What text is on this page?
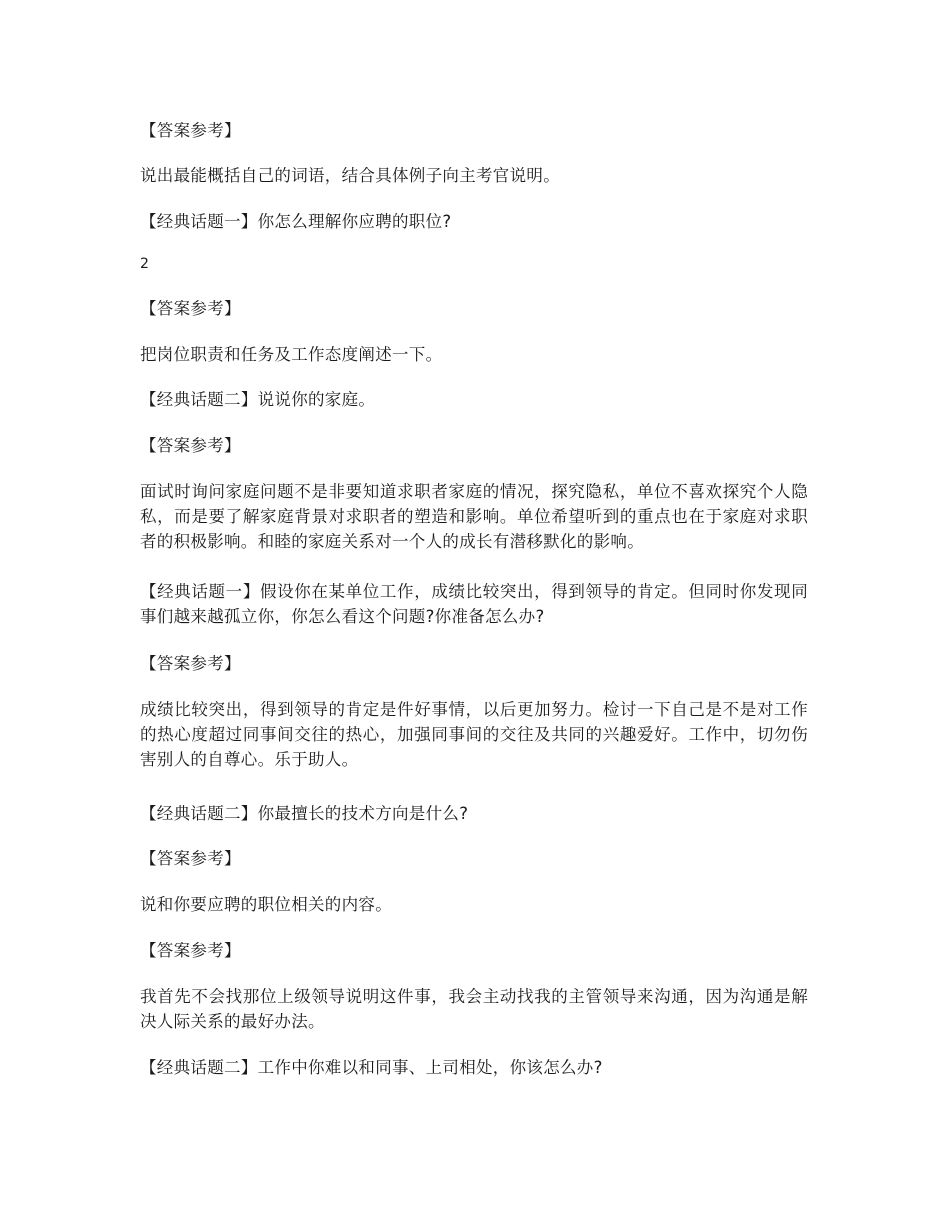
【答案参考】
说出最能概括自己的词语，结合具体例子向主考官说明。
【经典话题一】你怎么理解你应聘的职位?
2
【答案参考】
把岗位职责和任务及工作态度阐述一下。
【经典话题二】说说你的家庭。
【答案参考】
面试时询问家庭问题不是非要知道求职者家庭的情况，探究隐私，单位不喜欢探究个人隐私，而是要了解家庭背景对求职者的塑造和影响。单位希望听到的重点也在于家庭对求职者的积极影响。和睦的家庭关系对一个人的成长有潜移默化的影响。
【经典话题一】假设你在某单位工作，成绩比较突出，得到领导的肯定。但同时你发现同事们越来越孤立你，你怎么看这个问题?你准备怎么办?
【答案参考】
成绩比较突出，得到领导的肯定是件好事情，以后更加努力。检讨一下自己是不是对工作的热心度超过同事间交往的热心，加强同事间的交往及共同的兴趣爱好。工作中，切勿伤害别人的自尊心。乐于助人。
【经典话题二】你最擅长的技术方向是什么?
【答案参考】
说和你要应聘的职位相关的内容。
【答案参考】
我首先不会找那位上级领导说明这件事，我会主动找我的主管领导来沟通，因为沟通是解决人际关系的最好办法。
【经典话题二】工作中你难以和同事、上司相处，你该怎么办?
